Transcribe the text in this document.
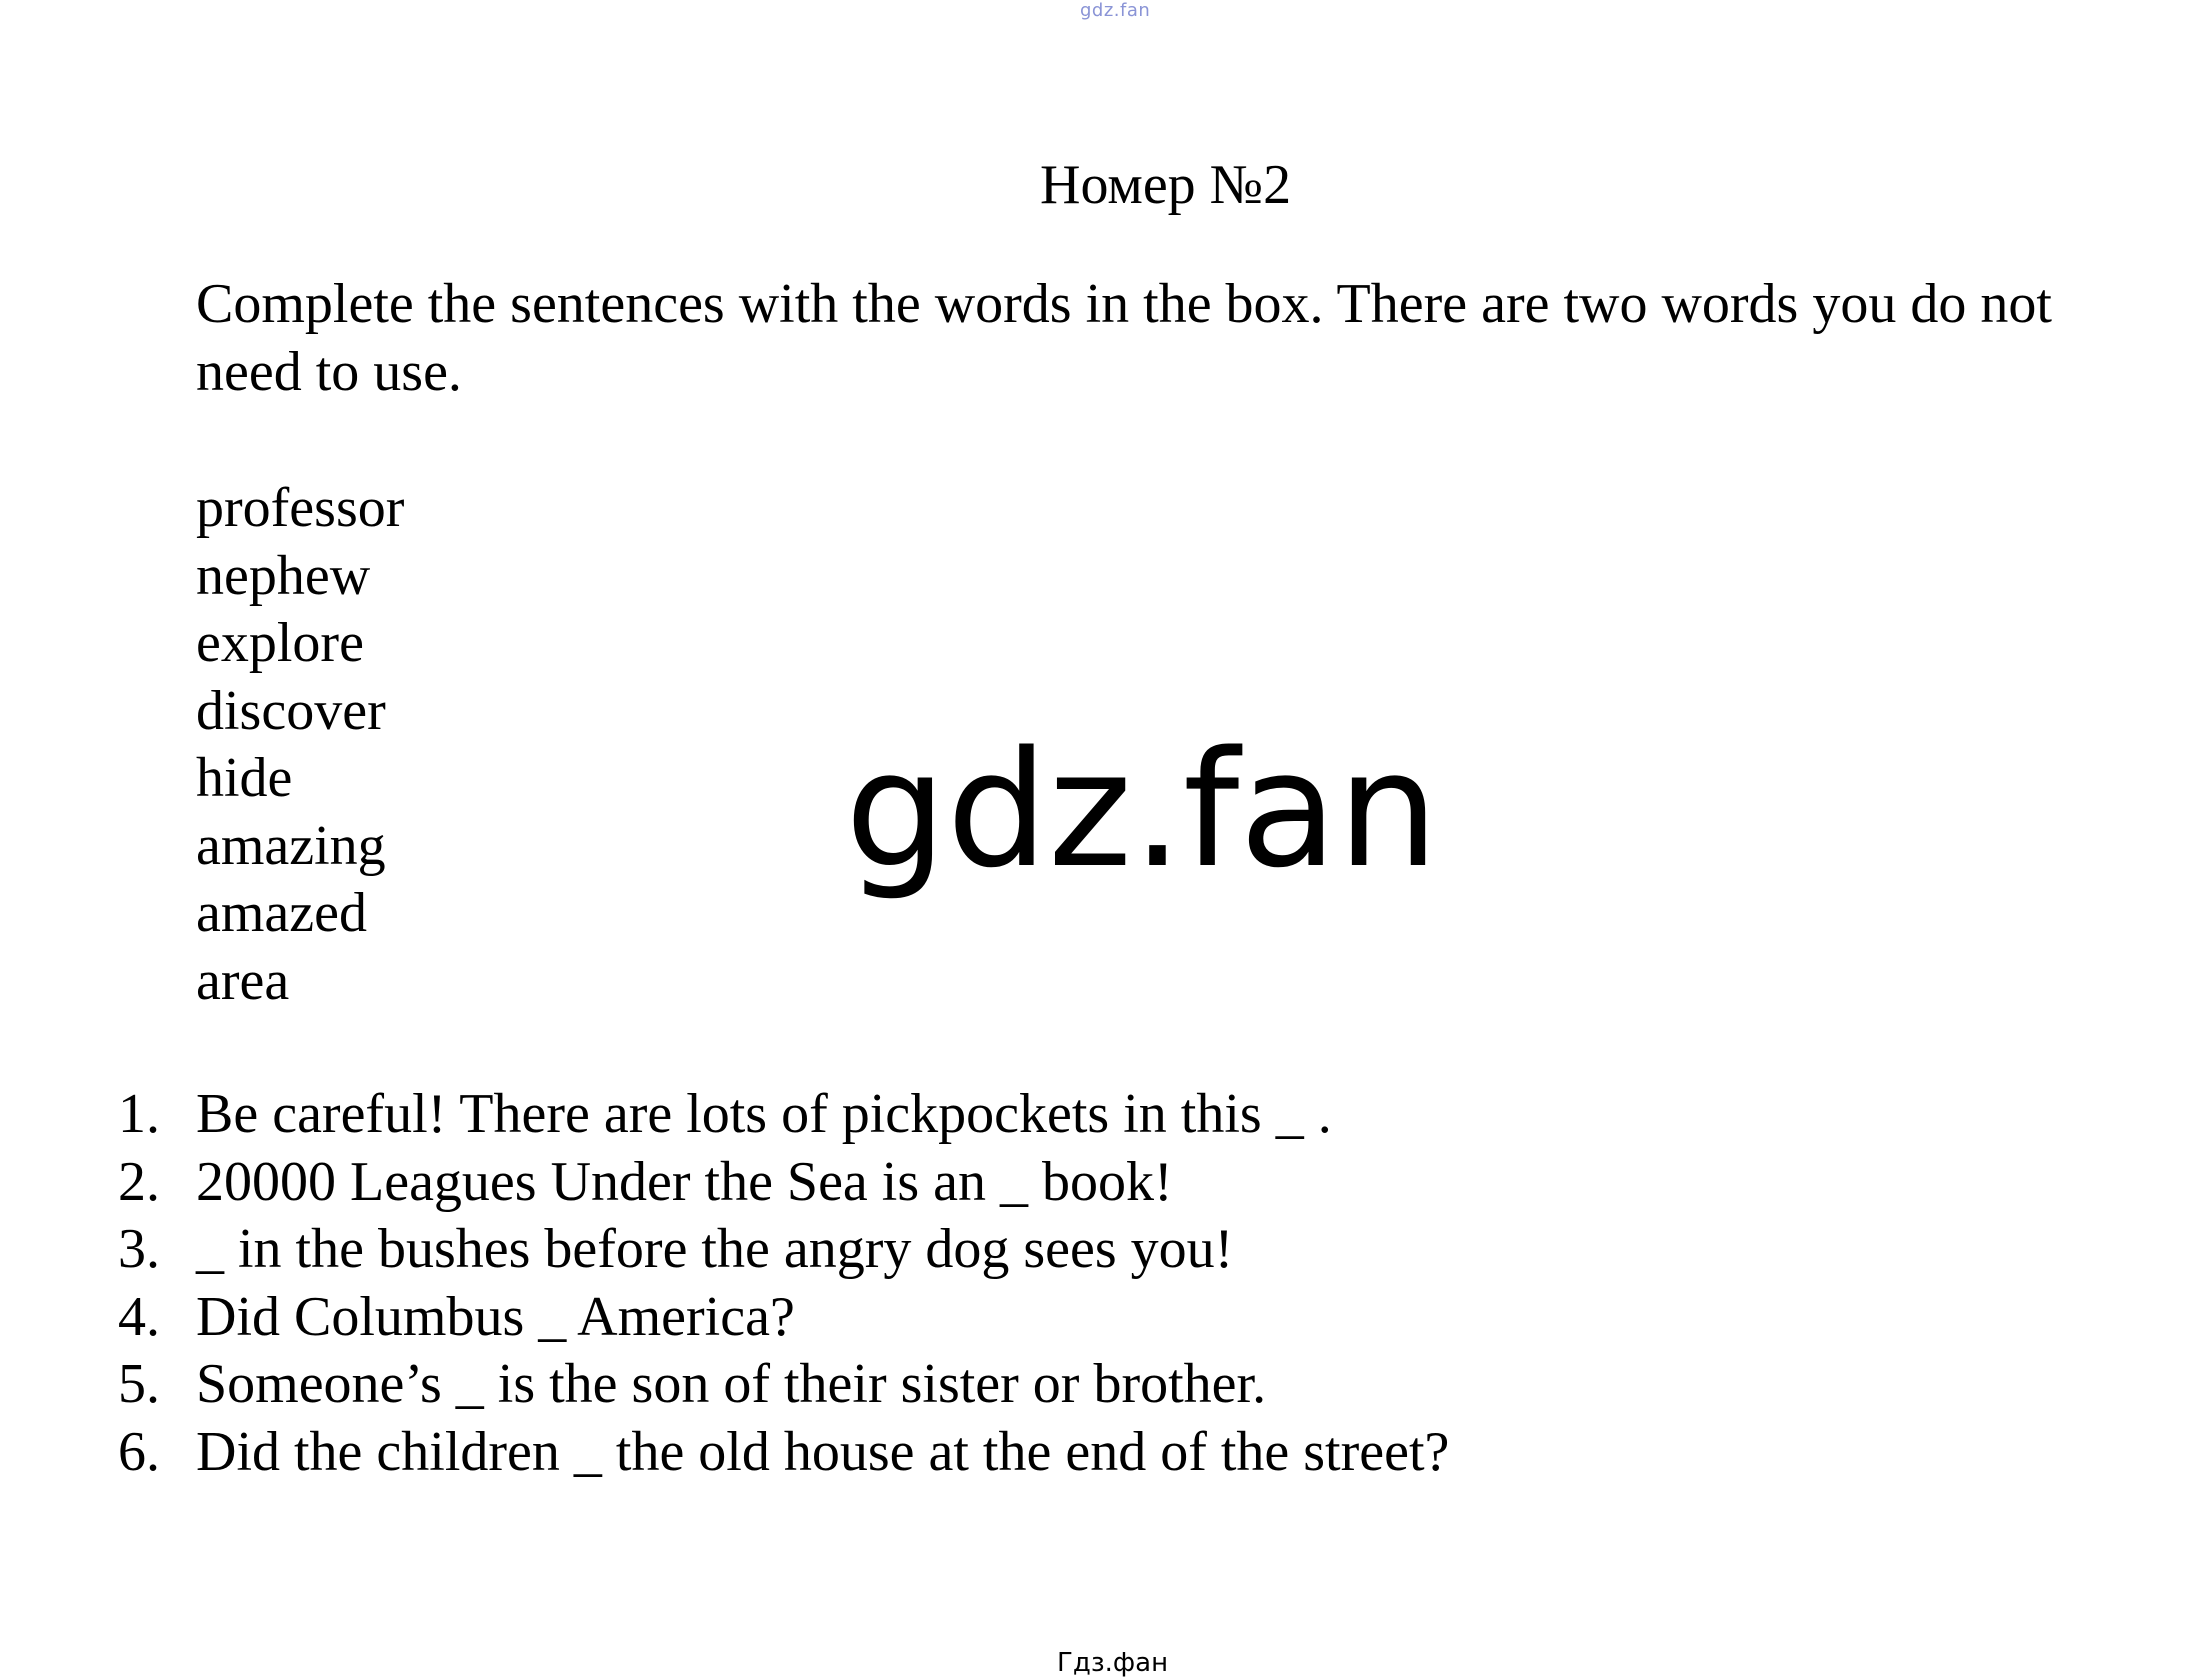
gdz.fan
Номер №2
Complete the sentences with the words in the box. There are two words you do not need to use.
professor
nephew
explore
discover
hide
amazing
amazed
area
gdz.fan
1. Be careful! There are lots of pickpockets in this _ .
2. 20000 Leagues Under the Sea is an _ book!
3. _ in the bushes before the angry dog sees you!
4. Did Columbus _ America?
5. Someone’s _ is the son of their sister or brother.
6. Did the children _ the old house at the end of the street?
Гдз.фан
